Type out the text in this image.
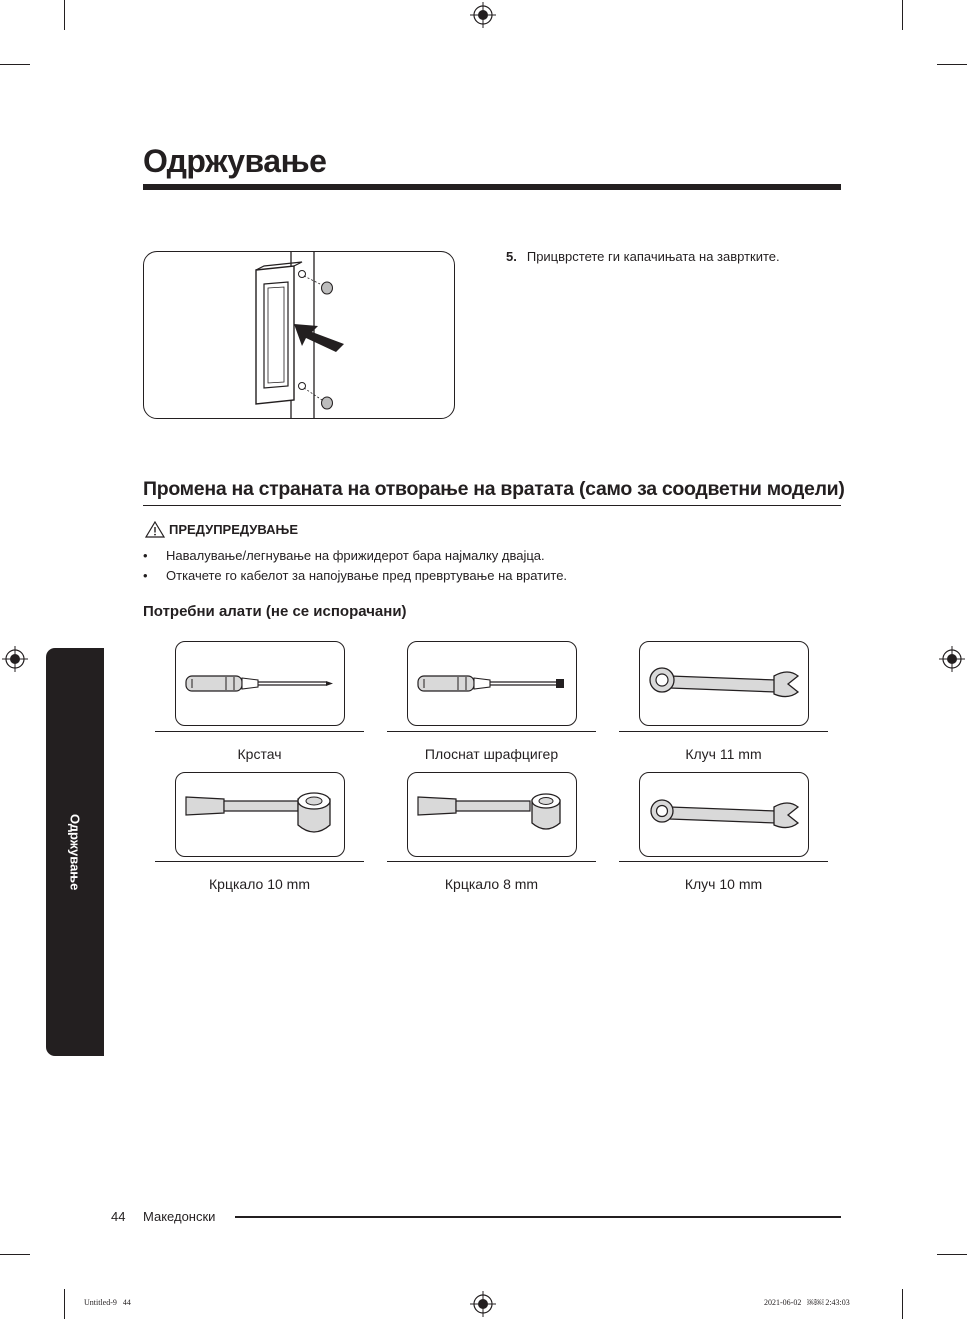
Одржување
5. Прицврстете ги капачињата на завртките.
Промена на страната на отворање на вратата (само за соодветни модели)
ПРЕДУПРЕДУВАЊЕ
•	Навалување/легнување на фрижидерот бара најмалку двајца.
•	Откачете го кабелот за напојување пред превртување на вратите.
Потребни алати (не се испорачани)
Крстач	Плоснат шрафцигер	Клуч 11 mm
Крцкало 10 mm	Крцкало 8 mm	Клуч 10 mm
Одржување
44 Македонски
Untitled-9   44	2021-06-02   ￼￼ 2:43:03
